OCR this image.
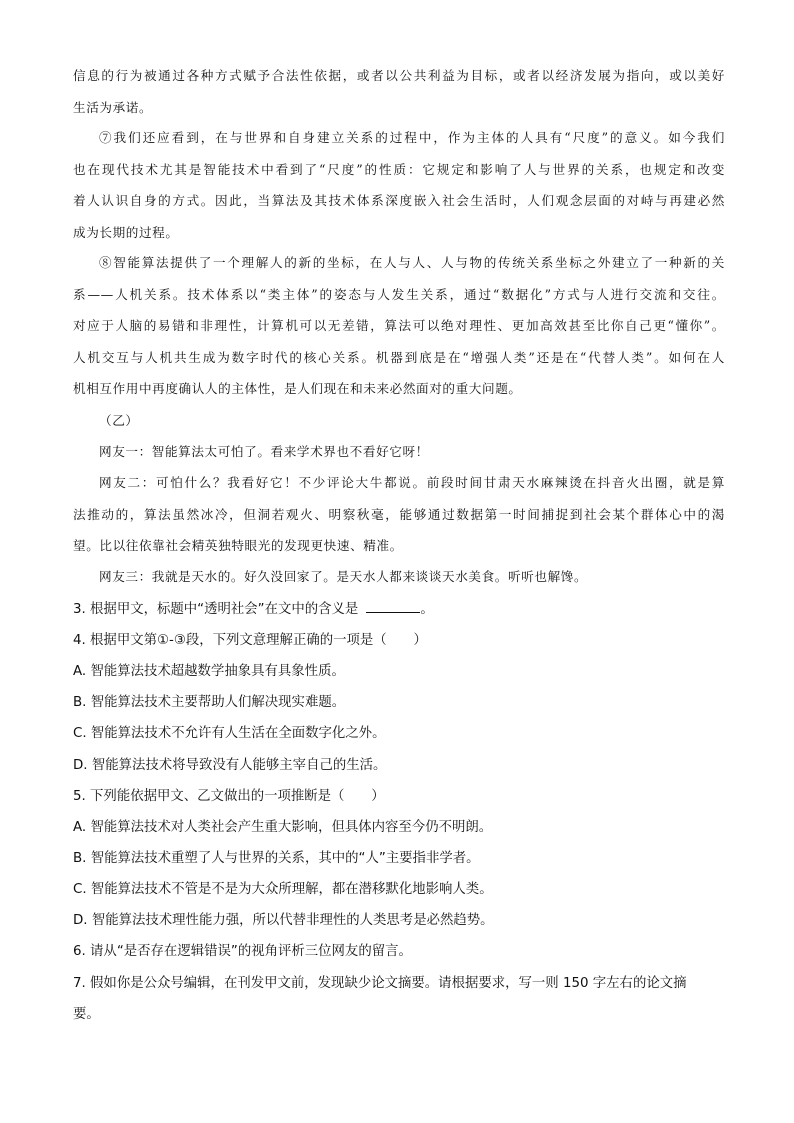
信息的行为被通过各种方式赋予合法性依据，或者以公共利益为目标，或者以经济发展为指向，或以美好

生活为承诺。

⑦我们还应看到，在与世界和自身建立关系的过程中，作为主体的人具有“尺度”的意义。如今我们

也在现代技术尤其是智能技术中看到了“尺度”的性质：它规定和影响了人与世界的关系，也规定和改变

着人认识自身的方式。因此，当算法及其技术体系深度嵌入社会生活时，人们观念层面的对峙与再建必然

成为长期的过程。

⑧智能算法提供了一个理解人的新的坐标，在人与人、人与物的传统关系坐标之外建立了一种新的关

系——人机关系。技术体系以“类主体”的姿态与人发生关系，通过“数据化”方式与人进行交流和交往。

对应于人脑的易错和非理性，计算机可以无差错，算法可以绝对理性、更加高效甚至比你自己更“懂你”。

人机交互与人机共生成为数字时代的核心关系。机器到底是在“增强人类”还是在“代替人类”。如何在人

机相互作用中再度确认人的主体性，是人们现在和未来必然面对的重大问题。

（乙）

网友一：智能算法太可怕了。看来学术界也不看好它呀！

网友二：可怕什么？我看好它！不少评论大牛都说。前段时间甘肃天水麻辣烫在抖音火出圈，就是算

法推动的，算法虽然冰冷，但洞若观火、明察秋毫，能够通过数据第一时间捕捉到社会某个群体心中的渴

望。比以往依靠社会精英独特眼光的发现更快速、精准。

网友三：我就是天水的。好久没回家了。是天水人都来谈谈天水美食。听听也解馋。

3. 根据甲文，标题中“透明社会”在文中的含义是	。
4. 根据甲文第①-③段，下列文意理解正确的一项是（　　）
A. 智能算法技术超越数学抽象具有具象性质。
B. 智能算法技术主要帮助人们解决现实难题。
C. 智能算法技术不允许有人生活在全面数字化之外。
D. 智能算法技术将导致没有人能够主宰自己的生活。
5. 下列能依据甲文、乙文做出的一项推断是（　　）
A. 智能算法技术对人类社会产生重大影响，但具体内容至今仍不明朗。
B. 智能算法技术重塑了人与世界的关系，其中的“人”主要指非学者。
C. 智能算法技术不管是不是为大众所理解，都在潜移默化地影响人类。
D. 智能算法技术理性能力强，所以代替非理性的人类思考是必然趋势。
6. 请从“是否存在逻辑错误”的视角评析三位网友的留言。
7. 假如你是公众号编辑，在刊发甲文前，发现缺少论文摘要。请根据要求，写一则 150 字左右的论文摘
要。
